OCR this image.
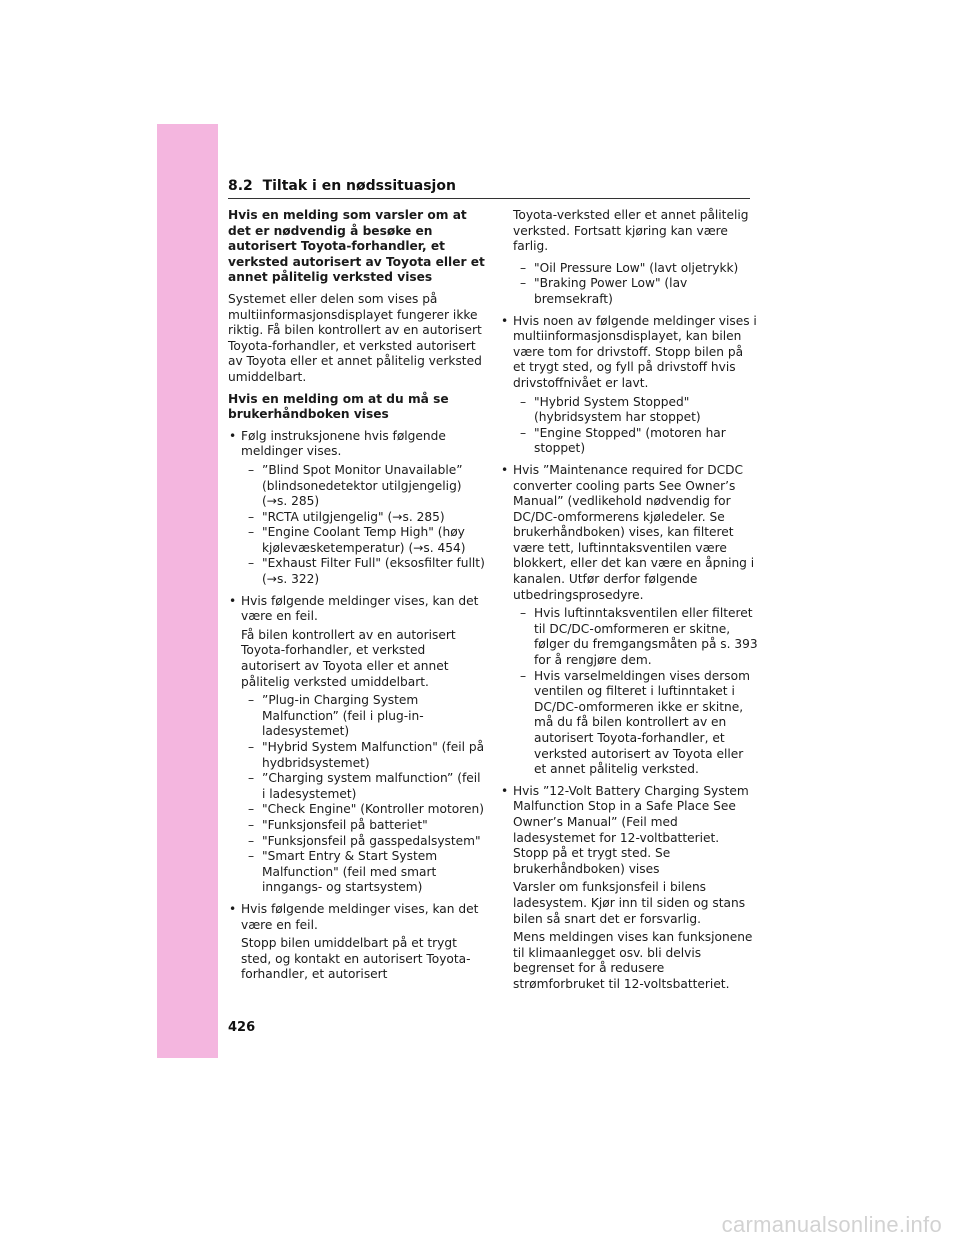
8.2 Tiltak i en nødssituasjon

Hvis en melding som varsler om at det er nødvendig å besøke en autorisert Toyota-forhandler, et verksted autorisert av Toyota eller et annet pålitelig verksted vises

Systemet eller delen som vises på multiinformasjonsdisplayet fungerer ikke riktig. Få bilen kontrollert av en autorisert Toyota-forhandler, et verksted autorisert av Toyota eller et annet pålitelig verksted umiddelbart.

Hvis en melding om at du må se brukerhåndboken vises

• Følg instruksjonene hvis følgende meldinger vises.

– ”Blind Spot Monitor Unavailable” (blindsonedetektor utilgjengelig) (→s. 285)
– "RCTA utilgjengelig" (→s. 285)
– "Engine Coolant Temp High" (høy kjølevæsketemperatur) (→s. 454)
– "Exhaust Filter Full" (eksosfilter fullt) (→s. 322)

• Hvis følgende meldinger vises, kan det være en feil.

Få bilen kontrollert av en autorisert Toyota-forhandler, et verksted autorisert av Toyota eller et annet pålitelig verksted umiddelbart.

– ”Plug-in Charging System Malfunction” (feil i plug-in-ladesystemet)
– "Hybrid System Malfunction" (feil på hydbridsystemet)
– ”Charging system malfunction” (feil i ladesystemet)
– "Check Engine" (Kontroller motoren)
– "Funksjonsfeil på batteriet"
– "Funksjonsfeil på gasspedalsystem"
– "Smart Entry & Start System Malfunction" (feil med smart inngangs- og startsystem)

• Hvis følgende meldinger vises, kan det være en feil.

Stopp bilen umiddelbart på et trygt sted, og kontakt en autorisert Toyota-forhandler, et autorisert

Toyota-verksted eller et annet pålitelig verksted. Fortsatt kjøring kan være farlig.

– "Oil Pressure Low" (lavt oljetrykk)
– "Braking Power Low" (lav bremsekraft)

• Hvis noen av følgende meldinger vises i multiinformasjonsdisplayet, kan bilen være tom for drivstoff. Stopp bilen på et trygt sted, og fyll på drivstoff hvis drivstoffnivået er lavt.

– "Hybrid System Stopped" (hybridsystem har stoppet)
– "Engine Stopped" (motoren har stoppet)

• Hvis ”Maintenance required for DCDC converter cooling parts See Owner’s Manual” (vedlikehold nødvendig for DC/DC-omformerens kjøledeler. Se brukerhåndboken) vises, kan filteret være tett, luftinntaksventilen være blokkert, eller det kan være en åpning i kanalen. Utfør derfor følgende utbedringsprosedyre.

– Hvis luftinntaksventilen eller filteret til DC/DC-omformeren er skitne, følger du fremgangsmåten på s. 393 for å rengjøre dem.
– Hvis varselmeldingen vises dersom ventilen og filteret i luftinntaket i DC/DC-omformeren ikke er skitne, må du få bilen kontrollert av en autorisert Toyota-forhandler, et verksted autorisert av Toyota eller et annet pålitelig verksted.

• Hvis ”12-Volt Battery Charging System Malfunction Stop in a Safe Place See Owner’s Manual” (Feil med ladesystemet for 12-voltbatteriet. Stopp på et trygt sted. Se brukerhåndboken) vises

Varsler om funksjonsfeil i bilens ladesystem. Kjør inn til siden og stans bilen så snart det er forsvarlig.

Mens meldingen vises kan funksjonene til klimaanlegget osv. bli delvis begrenset for å redusere strømforbruket til 12-voltsbatteriet.

426
carmanualsonline.info
